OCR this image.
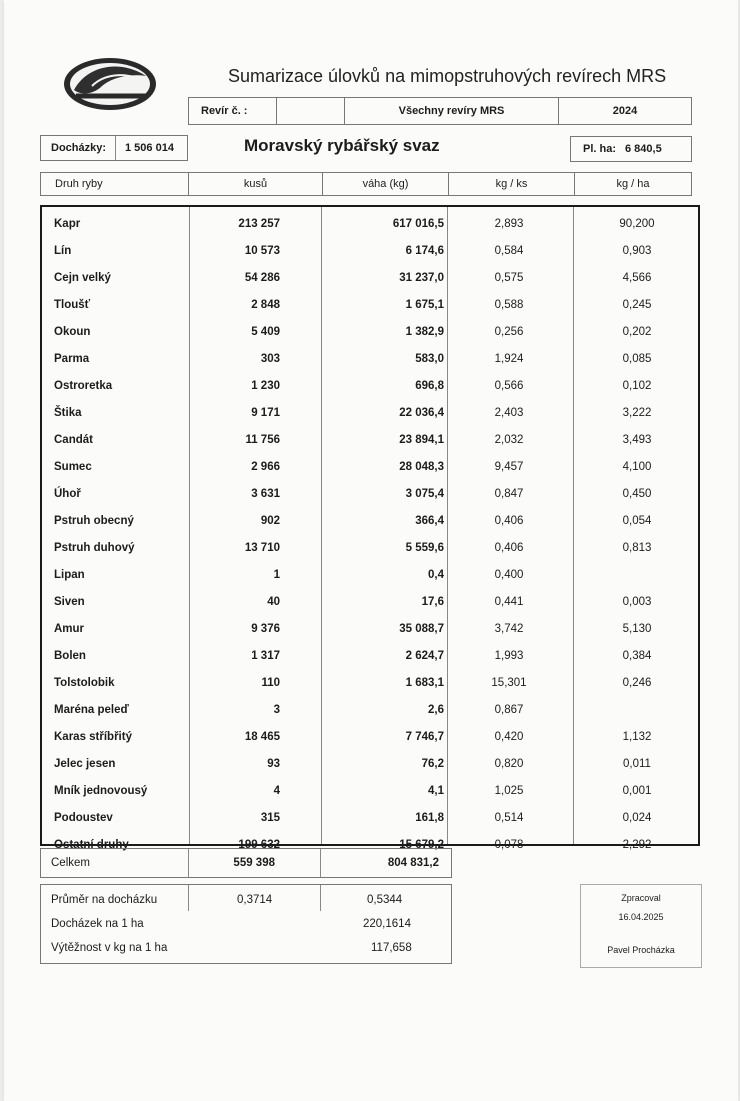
Sumarizace úlovků na mimopstruhových revírech MRS
Revír č. :	Všechny revíry MRS	2024
Docházky: 1 506 014	Moravský rybářský svaz	Pl. ha: 6 840,5
Druh ryby	kusů	váha (kg)	kg / ks	kg / ha
Kapr	213 257	617 016,5	2,893	90,200
Lín	10 573	6 174,6	0,584	0,903
Cejn velký	54 286	31 237,0	0,575	4,566
Tloušť	2 848	1 675,1	0,588	0,245
Okoun	5 409	1 382,9	0,256	0,202
Parma	303	583,0	1,924	0,085
Ostroretka	1 230	696,8	0,566	0,102
Štika	9 171	22 036,4	2,403	3,222
Candát	11 756	23 894,1	2,032	3,493
Sumec	2 966	28 048,3	9,457	4,100
Úhoř	3 631	3 075,4	0,847	0,450
Pstruh obecný	902	366,4	0,406	0,054
Pstruh duhový	13 710	5 559,6	0,406	0,813
Lipan	1	0,4	0,400
Siven	40	17,6	0,441	0,003
Amur	9 376	35 088,7	3,742	5,130
Bolen	1 317	2 624,7	1,993	0,384
Tolstolobik	110	1 683,1	15,301	0,246
Maréna peleď	3	2,6	0,867
Karas stříbřitý	18 465	7 746,7	0,420	1,132
Jelec jesen	93	76,2	0,820	0,011
Mník jednovousý	4	4,1	1,025	0,001
Podoustev	315	161,8	0,514	0,024
Ostatní druhy	199 632	15 679,2	0,078	2,292
Celkem	559 398	804 831,2
Průměr na docházku	0,3714	0,5344
Docházek na 1 ha	220,1614
Výtěžnost v kg na 1 ha	117,658
Zpracoval
16.04.2025
Pavel Procházka
